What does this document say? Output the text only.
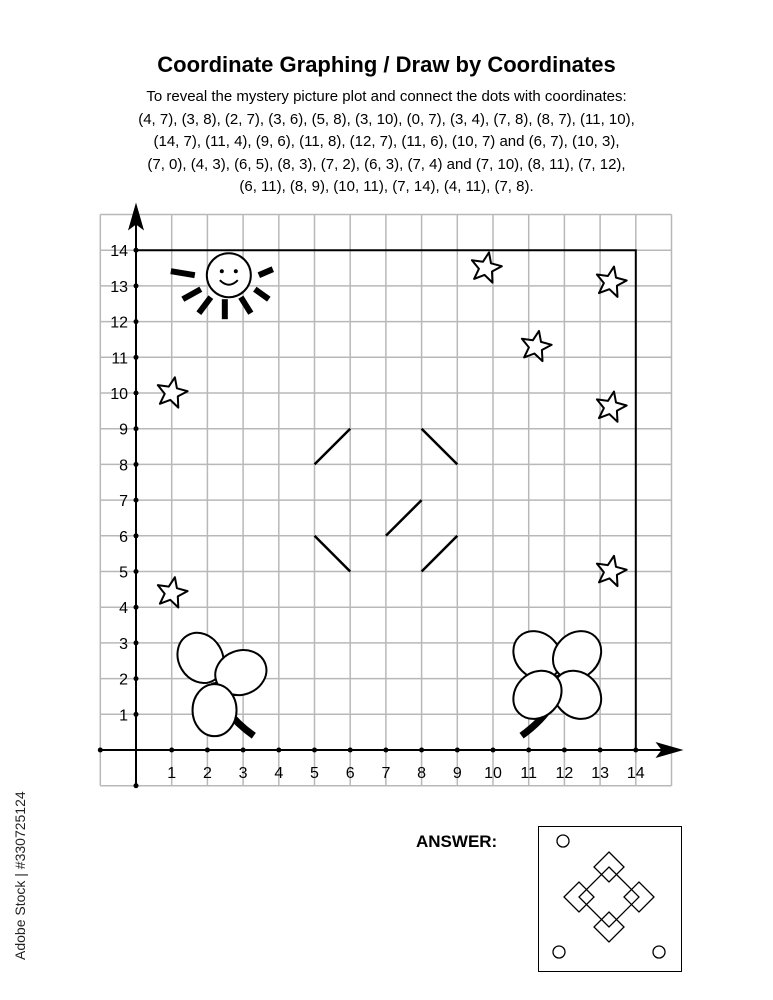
Coordinate Graphing / Draw by Coordinates
To reveal the mystery picture plot and connect the dots with coordinates:
(4, 7), (3, 8), (2, 7), (3, 6), (5, 8), (3, 10), (0, 7), (3, 4), (7, 8), (8, 7), (11, 10),
(14, 7), (11, 4), (9, 6), (11, 8), (12, 7), (11, 6), (10, 7) and (6, 7), (10, 3),
(7, 0), (4, 3), (6, 5), (8, 3), (7, 2), (6, 3), (7, 4) and (7, 10), (8, 11), (7, 12),
(6, 11), (8, 9), (10, 11), (7, 14), (4, 11), (7, 8).
1 2 3 4 5 6 7 8 9 10 11 12 13 14
1
2
3
4
5
6
7
8
9
10
11
12
13
14
ANSWER:
Adobe Stock | #330725124
